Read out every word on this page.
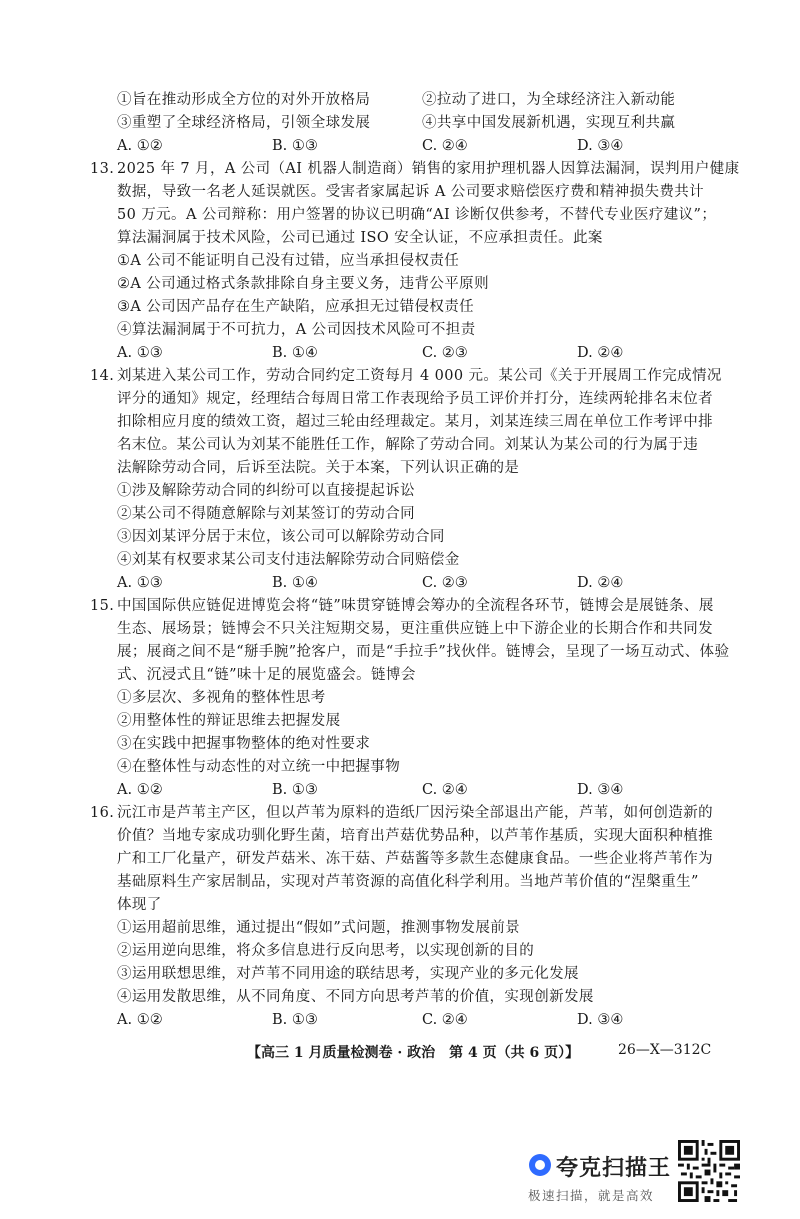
①旨在推动形成全方位的对外开放格局	②拉动了进口，为全球经济注入新动能
③重塑了全球经济格局，引领全球发展	④共享中国发展新机遇，实现互利共赢
A. ①②	B. ①③	C. ②④	D. ③④
13. 2025 年 7 月，A 公司（AI 机器人制造商）销售的家用护理机器人因算法漏洞，误判用户健康
数据，导致一名老人延误就医。受害者家属起诉 A 公司要求赔偿医疗费和精神损失费共计
50 万元。A 公司辩称：用户签署的协议已明确“AI 诊断仅供参考，不替代专业医疗建议”；
算法漏洞属于技术风险，公司已通过 ISO 安全认证，不应承担责任。此案
①A 公司不能证明自己没有过错，应当承担侵权责任
②A 公司通过格式条款排除自身主要义务，违背公平原则
③A 公司因产品存在生产缺陷，应承担无过错侵权责任
④算法漏洞属于不可抗力，A 公司因技术风险可不担责
A. ①③	B. ①④	C. ②③	D. ②④
14. 刘某进入某公司工作，劳动合同约定工资每月 4 000 元。某公司《关于开展周工作完成情况
评分的通知》规定，经理结合每周日常工作表现给予员工评价并打分，连续两轮排名末位者
扣除相应月度的绩效工资，超过三轮由经理裁定。某月，刘某连续三周在单位工作考评中排
名末位。某公司认为刘某不能胜任工作，解除了劳动合同。刘某认为某公司的行为属于违
法解除劳动合同，后诉至法院。关于本案，下列认识正确的是
①涉及解除劳动合同的纠纷可以直接提起诉讼
②某公司不得随意解除与刘某签订的劳动合同
③因刘某评分居于末位，该公司可以解除劳动合同
④刘某有权要求某公司支付违法解除劳动合同赔偿金
A. ①③	B. ①④	C. ②③	D. ②④
15. 中国国际供应链促进博览会将“链”味贯穿链博会筹办的全流程各环节，链博会是展链条、展
生态、展场景；链博会不只关注短期交易，更注重供应链上中下游企业的长期合作和共同发
展；展商之间不是“掰手腕”抢客户，而是“手拉手”找伙伴。链博会，呈现了一场互动式、体验
式、沉浸式且“链”味十足的展览盛会。链博会
①多层次、多视角的整体性思考
②用整体性的辩证思维去把握发展
③在实践中把握事物整体的绝对性要求
④在整体性与动态性的对立统一中把握事物
A. ①②	B. ①③	C. ②④	D. ③④
16. 沅江市是芦苇主产区，但以芦苇为原料的造纸厂因污染全部退出产能，芦苇，如何创造新的
价值？当地专家成功驯化野生菌，培育出芦菇优势品种，以芦苇作基质，实现大面积种植推
广和工厂化量产，研发芦菇米、冻干菇、芦菇酱等多款生态健康食品。一些企业将芦苇作为
基础原料生产家居制品，实现对芦苇资源的高值化科学利用。当地芦苇价值的“涅槃重生”
体现了
①运用超前思维，通过提出“假如”式问题，推测事物发展前景
②运用逆向思维，将众多信息进行反向思考，以实现创新的目的
③运用联想思维，对芦苇不同用途的联结思考，实现产业的多元化发展
④运用发散思维，从不同角度、不同方向思考芦苇的价值，实现创新发展
A. ①②	B. ①③	C. ②④	D. ③④
【高三 1 月质量检测卷 · 政治　第 4 页（共 6 页）】	26—X—312C
夸克扫描王
极速扫描，就是高效
